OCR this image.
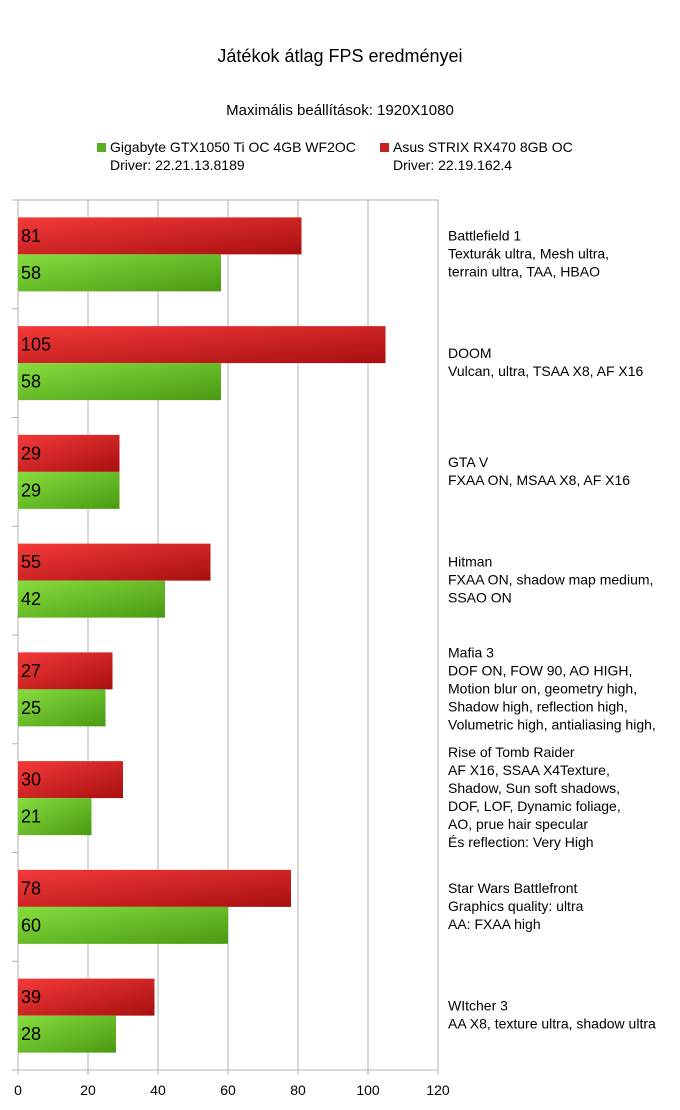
Játékok átlag FPS eredményei
Maximális beállítások: 1920X1080
Gigabyte GTX1050 Ti OC 4GB WF2OC
Driver: 22.21.13.8189
Asus STRIX RX470 8GB OC
Driver: 22.19.162.4
0	20	40	60	80	100	120
81
58
Battlefield 1 Texturák ultra, Mesh ultra, terrain ultra, TAA, HBAO
105
58
DOOM Vulcan, ultra, TSAA X8, AF X16
29
29
GTA V FXAA ON, MSAA X8, AF X16
55
42
Hitman FXAA ON, shadow map medium, SSAO ON
27
25
Mafia 3 DOF ON, FOW 90, AO HIGH, Motion blur on, geometry high, Shadow high, reflection high, Volumetric high, antialiasing high,
30
21
Rise of Tomb Raider AF X16, SSAA X4Texture, Shadow, Sun soft shadows, DOF, LOF, Dynamic foliage, AO, prue hair specular És reflection: Very High
78
60
Star Wars Battlefront Graphics quality: ultra AA: FXAA high
39
28
WItcher 3 AA X8, texture ultra, shadow ultra
